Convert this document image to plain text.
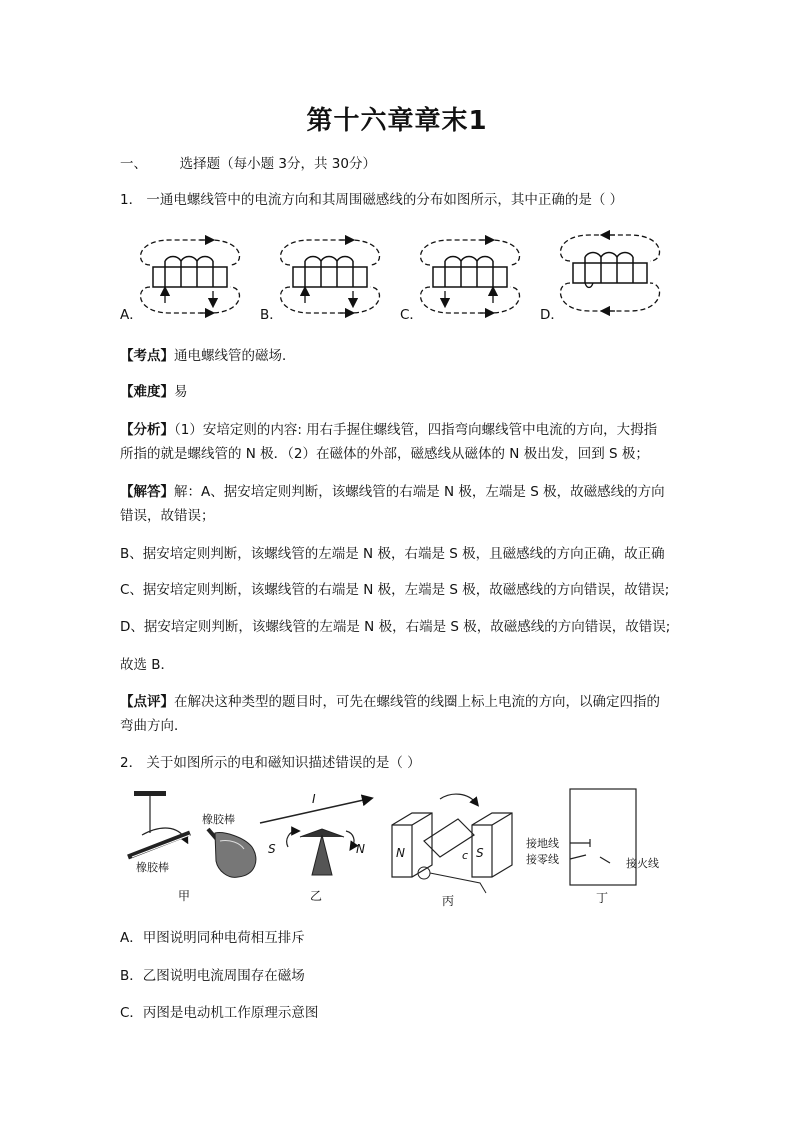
第十六章章末1
一、 选择题（每小题 3分，共 30分）
1． 一通电螺线管中的电流方向和其周围磁感线的分布如图所示，其中正确的是（ ）
A．	B．	C．	D．
【考点】通电螺线管的磁场．
【难度】易
【分析】（1）安培定则的内容: 用右手握住螺线管，四指弯向螺线管中电流的方向，大拇指
所指的就是螺线管的 N 极．（2）在磁体的外部，磁感线从磁体的 N 极出发，回到 S 极；
【解答】解：A、据安培定则判断，该螺线管的右端是 N 极，左端是 S 极，故磁感线的方向
错误，故错误；
B、据安培定则判断，该螺线管的左端是 N 极，右端是 S 极，且磁感线的方向正确，故正确
C、据安培定则判断，该螺线管的右端是 N 极，左端是 S 极，故磁感线的方向错误，故错误;
D、据安培定则判断，该螺线管的左端是 N 极，右端是 S 极，故磁感线的方向错误，故错误;
故选 B．
【点评】在解决这种类型的题目时，可先在螺线管的线圈上标上电流的方向，以确定四指的
弯曲方向．
2． 关于如图所示的电和磁知识描述错误的是（ ）
橡胶棒
橡胶棒
甲
I
S	N
乙
N	S
c
丙
接地线
接零线	接火线
丁
A．甲图说明同种电荷相互排斥
B．乙图说明电流周围存在磁场
C．丙图是电动机工作原理示意图
